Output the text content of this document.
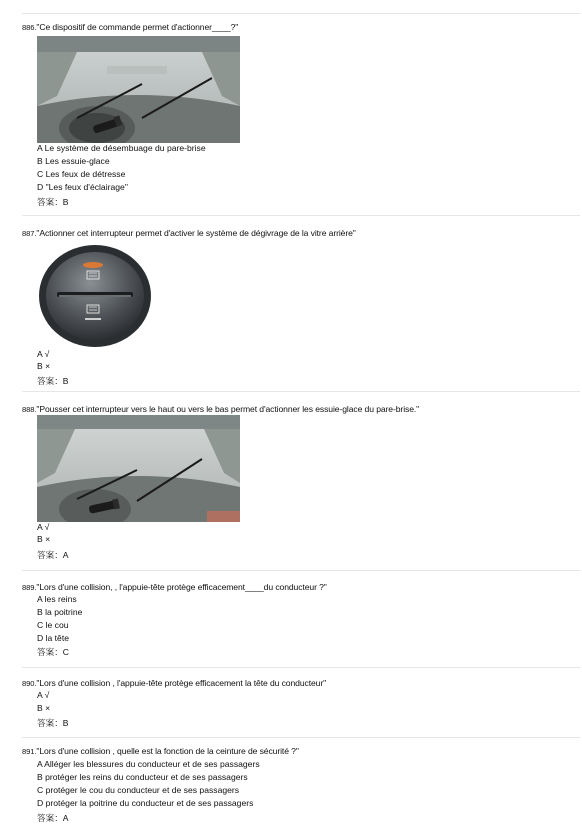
886."Ce dispositif de commande permet d'actionner____?"
A Le système de désembuage du pare-brise
B Les essuie-glace
C Les feux de détresse
D "Les feux d'éclairage"
答案：B
887."Actionner cet interrupteur permet d'activer le système de dégivrage de la vitre arrière"
A √
B ×
答案：B
888."Pousser cet interrupteur vers le haut ou vers le bas permet d'actionner les essuie-glace du pare-brise."
A √
B ×
答案：A
889."Lors d'une collision, , l'appuie-tête protège efficacement____du conducteur ?"
A les reins
B la poitrine
C le cou
D la tête
答案：C
890."Lors d'une collision , l'appuie-tête protège efficacement la tête du conducteur"
A √
B ×
答案：B
891."Lors d'une collision , quelle est la fonction de la ceinture de sécurité ?"
A Alléger les blessures du conducteur et de ses passagers
B protéger les reins du conducteur et de ses passagers
C protéger le cou du conducteur et de ses passagers
D protéger la poitrine du conducteur et de ses passagers
答案：A
